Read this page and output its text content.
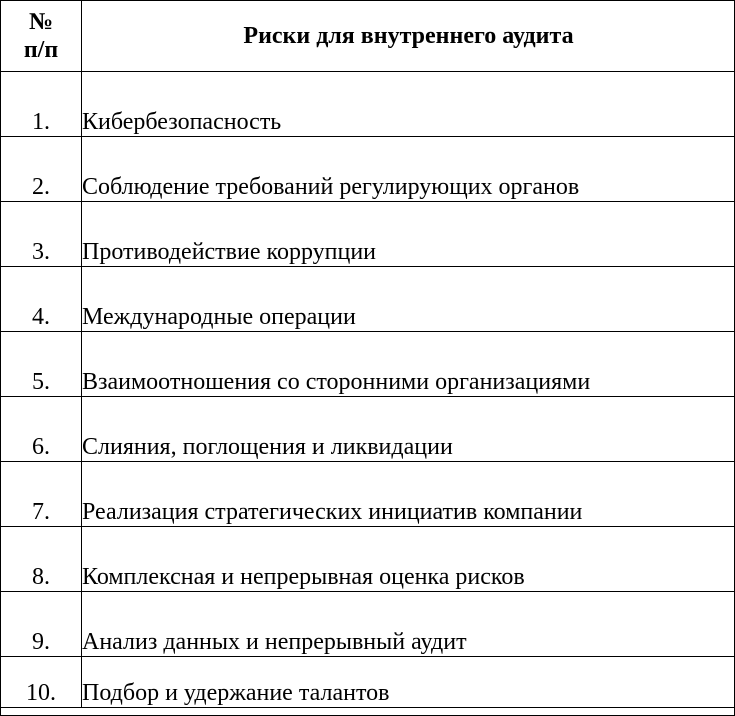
№
п/п	Риски для внутреннего аудита
1.	Кибербезопасность
2.	Соблюдение требований регулирующих органов
3.	Противодействие коррупции
4.	Международные операции
5.	Взаимоотношения со сторонними организациями
6.	Слияния, поглощения и ликвидации
7.	Реализация стратегических инициатив компании
8.	Комплексная и непрерывная оценка рисков
9.	Анализ данных и непрерывный аудит
10.	Подбор и удержание талантов
